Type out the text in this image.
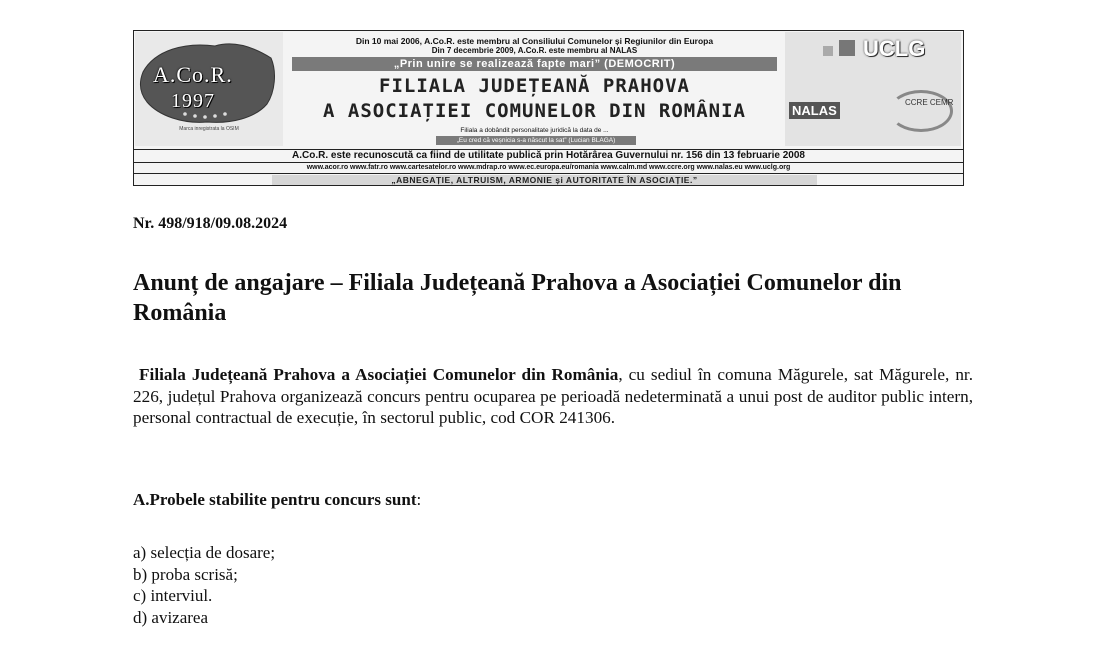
A.Co.R.
1997
Marca inregistrata la OSIM
Din 10 mai 2006, A.Co.R. este membru al Consiliului Comunelor și Regiunilor din Europa
Din 7 decembrie 2009, A.Co.R. este membru al NALAS
„Prin unire se realizează fapte mari” (DEMOCRIT)
FILIALA JUDEȚEANĂ PRAHOVA
A ASOCIAȚIEI COMUNELOR DIN ROMÂNIA
Filiala a dobândit personalitate juridică la data de ...
„Eu cred că veșnicia s-a născut la sat” (Lucian BLAGA)
UCLG
NALAS
CCRE CEMR
A.Co.R. este recunoscută ca fiind de utilitate publică prin Hotărârea Guvernului nr. 156 din 13 februarie 2008
www.acor.ro www.fatr.ro www.cartesatelor.ro www.mdrap.ro www.ec.europa.eu/romania www.calm.md www.ccre.org www.nalas.eu www.uclg.org
„ABNEGAȚIE, ALTRUISM, ARMONIE și AUTORITATE ÎN ASOCIAȚIE.”
Nr. 498/918/09.08.2024
Anunț de angajare – Filiala Județeană Prahova a Asociației Comunelor din România
Filiala Județeană Prahova a Asociației Comunelor din România, cu sediul în comuna Măgurele, sat Măgurele, nr. 226, județul Prahova organizează concurs pentru ocuparea pe perioadă nedeterminată a unui post de auditor public intern, personal contractual de execuție, în sectorul public, cod COR 241306.
A.Probele stabilite pentru concurs sunt:
a) selecția de dosare;
b) proba scrisă;
c) interviul.
d) avizarea
